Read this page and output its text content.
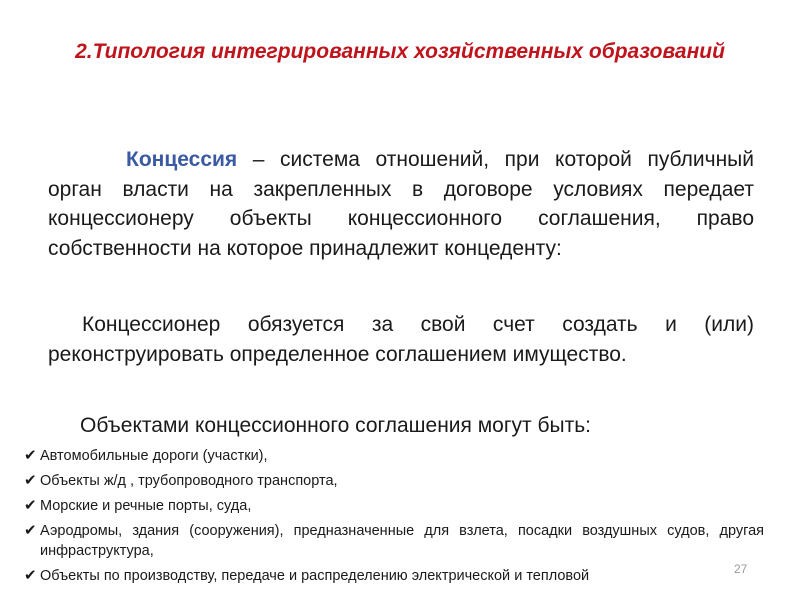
2.Типология интегрированных хозяйственных образований
Концессия – система отношений, при которой публичный орган власти на закрепленных в договоре условиях передает концессионеру объекты концессионного соглашения, право собственности на которое принадлежит концеденту:
Концессионер обязуется за свой счет создать и (или) реконструировать определенное соглашением имущество.
Объектами концессионного соглашения могут быть:
✔ Автомобильные дороги (участки),
✔ Объекты ж/д , трубопроводного транспорта,
✔ Морские и речные порты, суда,
✔ Аэродромы, здания (сооружения), предназначенные для взлета, посадки воздушных судов, другая инфраструктура,
✔ Объекты по производству, передаче и распределению электрической и тепловой	27
